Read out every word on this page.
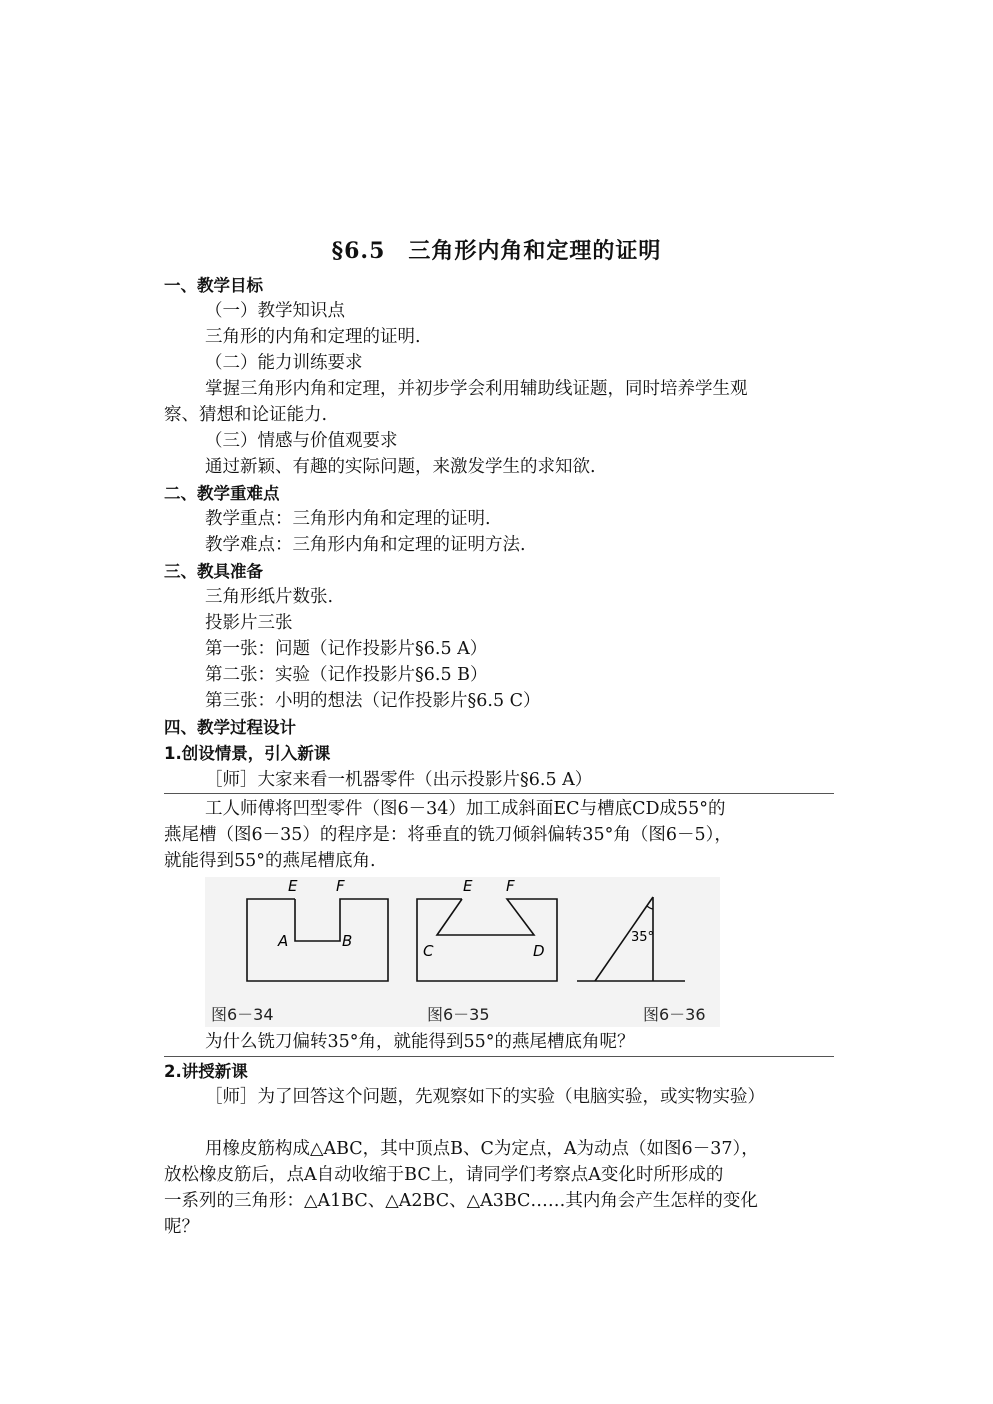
§6.5　三角形内角和定理的证明
一、教学目标
（一）教学知识点
三角形的内角和定理的证明.
（二）能力训练要求
掌握三角形内角和定理，并初步学会利用辅助线证题，同时培养学生观
察、猜想和论证能力.
（三）情感与价值观要求
通过新颖、有趣的实际问题，来激发学生的求知欲.
二、教学重难点
教学重点：三角形内角和定理的证明.
教学难点：三角形内角和定理的证明方法.
三、教具准备
三角形纸片数张.
投影片三张
第一张：问题（记作投影片§6.5 A）
第二张：实验（记作投影片§6.5 B）
第三张：小明的想法（记作投影片§6.5 C）
四、教学过程设计
1.创设情景，引入新课
［师］大家来看一机器零件（出示投影片§6.5 A）
工人师傅将凹型零件（图6－34）加工成斜面EC与槽底CD成55°的
燕尾槽（图6－35）的程序是：将垂直的铣刀倾斜偏转35°角（图6－5），
就能得到55°的燕尾槽底角.
E	F
A	B
图6－34
E F
C	D
图6－35
35°
图6－36
为什么铣刀偏转35°角，就能得到55°的燕尾槽底角呢？
2.讲授新课
［师］为了回答这个问题，先观察如下的实验（电脑实验，或实物实验）
用橡皮筋构成△ABC，其中顶点B、C为定点，A为动点（如图6－37），
放松橡皮筋后，点A自动收缩于BC上，请同学们考察点A变化时所形成的
一系列的三角形：△A1BC、△A2BC、△A3BC……其内角会产生怎样的变化
呢？
